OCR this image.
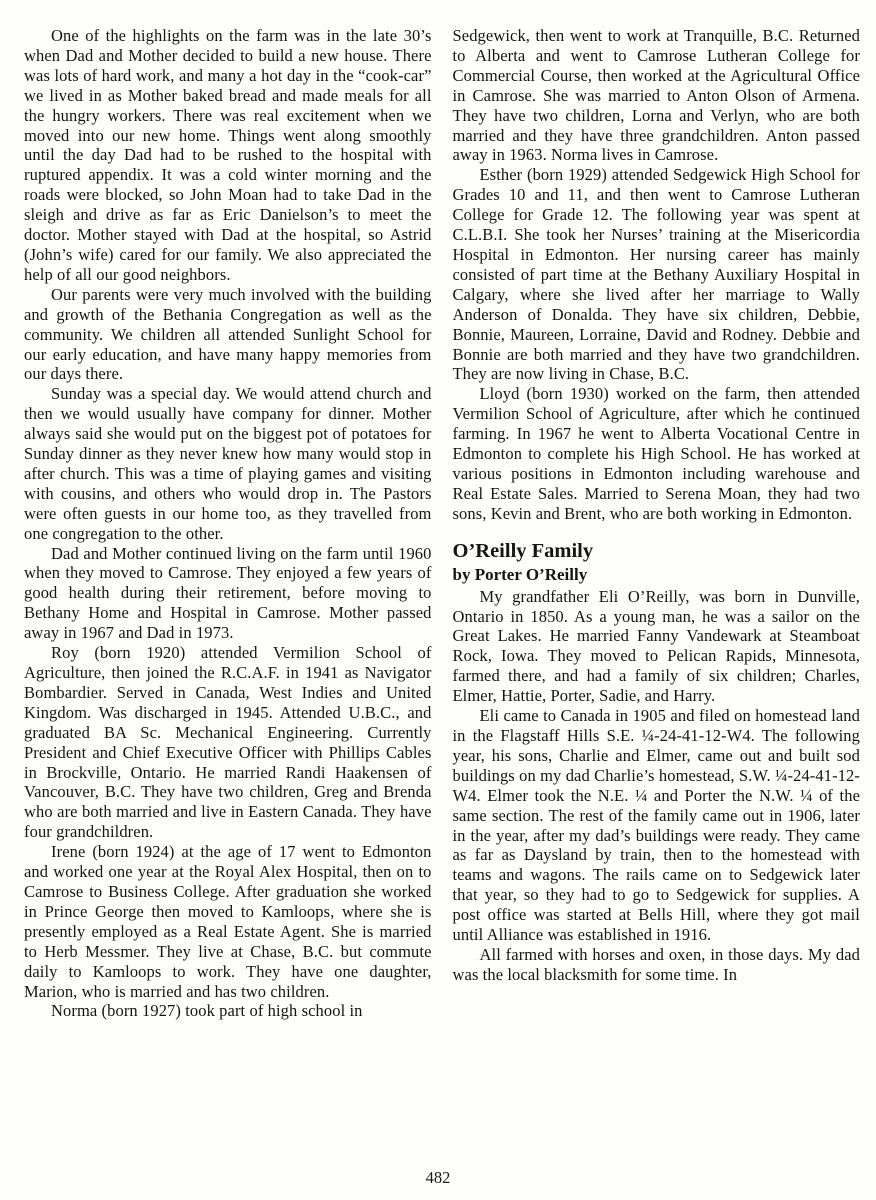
One of the highlights on the farm was in the late 30’s when Dad and Mother decided to build a new house. There was lots of hard work, and many a hot day in the “cook-car” we lived in as Mother baked bread and made meals for all the hungry workers. There was real excitement when we moved into our new home. Things went along smoothly until the day Dad had to be rushed to the hospital with ruptured appendix. It was a cold winter morning and the roads were blocked, so John Moan had to take Dad in the sleigh and drive as far as Eric Danielson’s to meet the doctor. Mother stayed with Dad at the hospital, so Astrid (John’s wife) cared for our family. We also appreciated the help of all our good neighbors.

Our parents were very much involved with the building and growth of the Bethania Congregation as well as the community. We children all attended Sunlight School for our early education, and have many happy memories from our days there.

Sunday was a special day. We would attend church and then we would usually have company for dinner. Mother always said she would put on the biggest pot of potatoes for Sunday dinner as they never knew how many would stop in after church. This was a time of playing games and visiting with cousins, and others who would drop in. The Pastors were often guests in our home too, as they travelled from one congregation to the other.

Dad and Mother continued living on the farm until 1960 when they moved to Camrose. They enjoyed a few years of good health during their retirement, before moving to Bethany Home and Hospital in Camrose. Mother passed away in 1967 and Dad in 1973.

Roy (born 1920) attended Vermilion School of Agriculture, then joined the R.C.A.F. in 1941 as Navigator Bombardier. Served in Canada, West Indies and United Kingdom. Was discharged in 1945. Attended U.B.C., and graduated BA Sc. Mechanical Engineering. Currently President and Chief Executive Officer with Phillips Cables in Brockville, Ontario. He married Randi Haakensen of Vancouver, B.C. They have two children, Greg and Brenda who are both married and live in Eastern Canada. They have four grandchildren.

Irene (born 1924) at the age of 17 went to Edmonton and worked one year at the Royal Alex Hospital, then on to Camrose to Business College. After graduation she worked in Prince George then moved to Kamloops, where she is presently employed as a Real Estate Agent. She is married to Herb Messmer. They live at Chase, B.C. but commute daily to Kamloops to work. They have one daughter, Marion, who is married and has two children.

Norma (born 1927) took part of high school in

Sedgewick, then went to work at Tranquille, B.C. Returned to Alberta and went to Camrose Lutheran College for Commercial Course, then worked at the Agricultural Office in Camrose. She was married to Anton Olson of Armena. They have two children, Lorna and Verlyn, who are both married and they have three grandchildren. Anton passed away in 1963. Norma lives in Camrose.

Esther (born 1929) attended Sedgewick High School for Grades 10 and 11, and then went to Camrose Lutheran College for Grade 12. The following year was spent at C.L.B.I. She took her Nurses’ training at the Misericordia Hospital in Edmonton. Her nursing career has mainly consisted of part time at the Bethany Auxiliary Hospital in Calgary, where she lived after her marriage to Wally Anderson of Donalda. They have six children, Debbie, Bonnie, Maureen, Lorraine, David and Rodney. Debbie and Bonnie are both married and they have two grandchildren. They are now living in Chase, B.C.

Lloyd (born 1930) worked on the farm, then attended Vermilion School of Agriculture, after which he continued farming. In 1967 he went to Alberta Vocational Centre in Edmonton to complete his High School. He has worked at various positions in Edmonton including warehouse and Real Estate Sales. Married to Serena Moan, they had two sons, Kevin and Brent, who are both working in Edmonton.

O’Reilly Family
by Porter O’Reilly

My grandfather Eli O’Reilly, was born in Dunville, Ontario in 1850. As a young man, he was a sailor on the Great Lakes. He married Fanny Vandewark at Steamboat Rock, Iowa. They moved to Pelican Rapids, Minnesota, farmed there, and had a family of six children; Charles, Elmer, Hattie, Porter, Sadie, and Harry.

Eli came to Canada in 1905 and filed on homestead land in the Flagstaff Hills S.E. ¼-24-41-12-W4. The following year, his sons, Charlie and Elmer, came out and built sod buildings on my dad Charlie’s homestead, S.W. ¼-24-41-12-W4. Elmer took the N.E. ¼ and Porter the N.W. ¼ of the same section. The rest of the family came out in 1906, later in the year, after my dad’s buildings were ready. They came as far as Daysland by train, then to the homestead with teams and wagons. The rails came on to Sedgewick later that year, so they had to go to Sedgewick for supplies. A post office was started at Bells Hill, where they got mail until Alliance was established in 1916.

All farmed with horses and oxen, in those days. My dad was the local blacksmith for some time. In

482
